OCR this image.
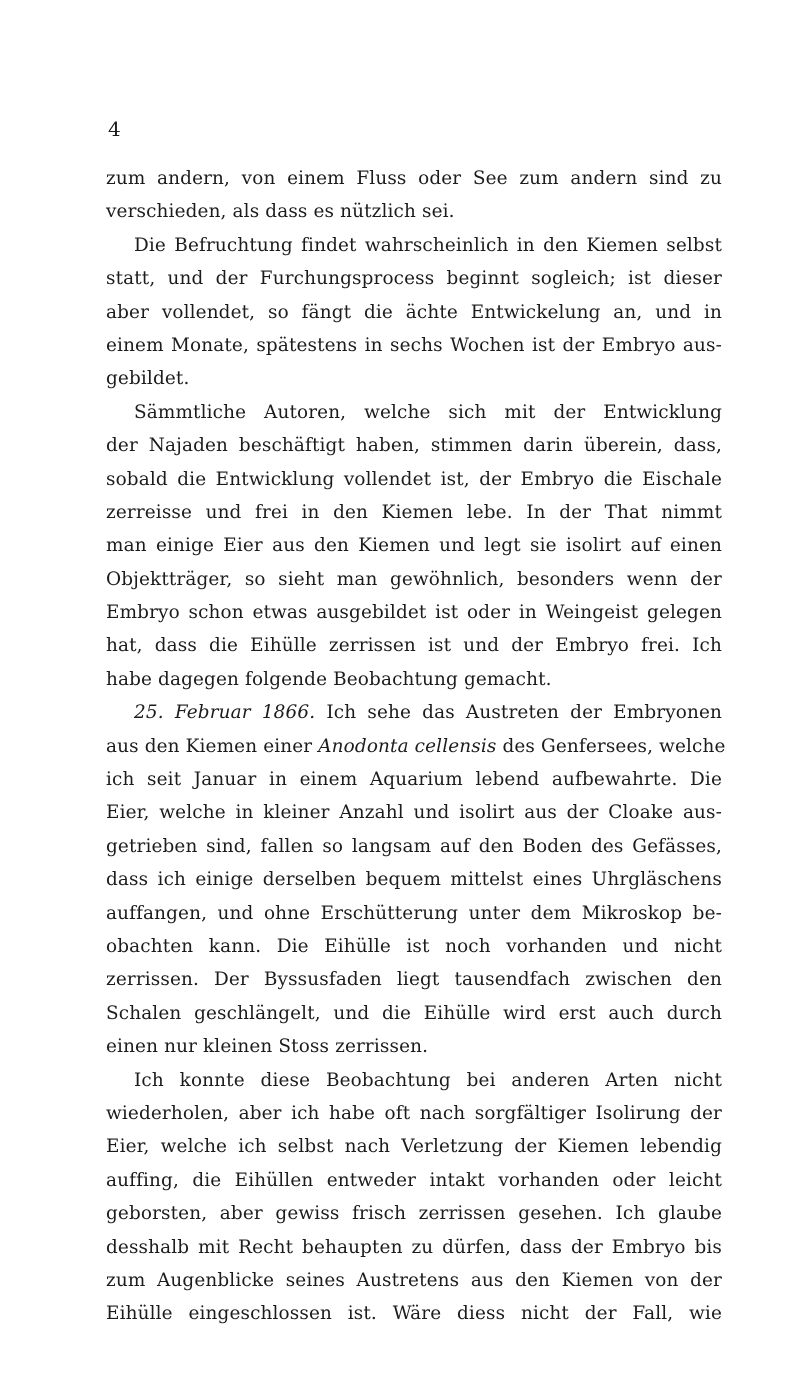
4
zum andern, von einem Fluss oder See zum andern sind zu
verschieden, als dass es nützlich sei.
Die Befruchtung findet wahrscheinlich in den Kiemen selbst
statt, und der Furchungsprocess beginnt sogleich; ist dieser
aber vollendet, so fängt die ächte Entwickelung an, und in
einem Monate, spätestens in sechs Wochen ist der Embryo aus-
gebildet.
Sämmtliche Autoren, welche sich mit der Entwicklung
der Najaden beschäftigt haben, stimmen darin überein, dass,
sobald die Entwicklung vollendet ist, der Embryo die Eischale
zerreisse und frei in den Kiemen lebe. In der That nimmt
man einige Eier aus den Kiemen und legt sie isolirt auf einen
Objektträger, so sieht man gewöhnlich, besonders wenn der
Embryo schon etwas ausgebildet ist oder in Weingeist gelegen
hat, dass die Eihülle zerrissen ist und der Embryo frei. Ich
habe dagegen folgende Beobachtung gemacht.
25. Februar 1866. Ich sehe das Austreten der Embryonen
aus den Kiemen einer Anodonta cellensis des Genfersees, welche
ich seit Januar in einem Aquarium lebend aufbewahrte. Die
Eier, welche in kleiner Anzahl und isolirt aus der Cloake aus-
getrieben sind, fallen so langsam auf den Boden des Gefässes,
dass ich einige derselben bequem mittelst eines Uhrgläschens
auffangen, und ohne Erschütterung unter dem Mikroskop be-
obachten kann. Die Eihülle ist noch vorhanden und nicht
zerrissen. Der Byssusfaden liegt tausendfach zwischen den
Schalen geschlängelt, und die Eihülle wird erst auch durch
einen nur kleinen Stoss zerrissen.
Ich konnte diese Beobachtung bei anderen Arten nicht
wiederholen, aber ich habe oft nach sorgfältiger Isolirung der
Eier, welche ich selbst nach Verletzung der Kiemen lebendig
auffing, die Eihüllen entweder intakt vorhanden oder leicht
geborsten, aber gewiss frisch zerrissen gesehen. Ich glaube
desshalb mit Recht behaupten zu dürfen, dass der Embryo bis
zum Augenblicke seines Austretens aus den Kiemen von der
Eihülle eingeschlossen ist. Wäre diess nicht der Fall, wie
